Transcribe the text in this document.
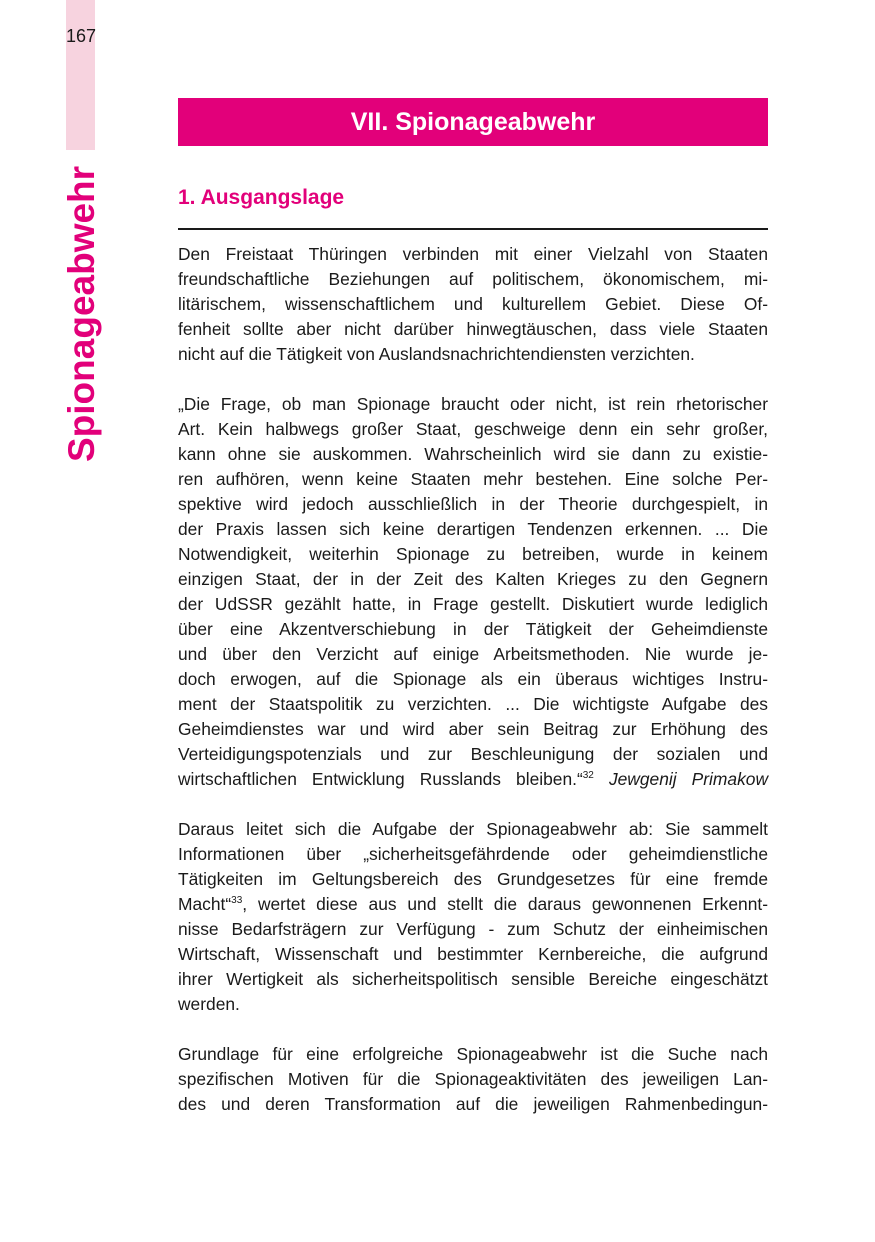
167
Spionageabwehr
VII. Spionageabwehr
1. Ausgangslage

Den Freistaat Thüringen verbinden mit einer Vielzahl von Staaten
freundschaftliche Beziehungen auf politischem, ökonomischem, mi-
litärischem, wissenschaftlichem und kulturellem Gebiet. Diese Of-
fenheit sollte aber nicht darüber hinwegtäuschen, dass viele Staaten
nicht auf die Tätigkeit von Auslandsnachrichtendiensten verzichten.

„Die Frage, ob man Spionage braucht oder nicht, ist rein rhetorischer
Art. Kein halbwegs großer Staat, geschweige denn ein sehr großer,
kann ohne sie auskommen. Wahrscheinlich wird sie dann zu existie-
ren aufhören, wenn keine Staaten mehr bestehen. Eine solche Per-
spektive wird jedoch ausschließlich in der Theorie durchgespielt, in
der Praxis lassen sich keine derartigen Tendenzen erkennen. ... Die
Notwendigkeit, weiterhin Spionage zu betreiben, wurde in keinem
einzigen Staat, der in der Zeit des Kalten Krieges zu den Gegnern
der UdSSR gezählt hatte, in Frage gestellt. Diskutiert wurde lediglich
über eine Akzentverschiebung in der Tätigkeit der Geheimdienste
und über den Verzicht auf einige Arbeitsmethoden. Nie wurde je-
doch erwogen, auf die Spionage als ein überaus wichtiges Instru-
ment der Staatspolitik zu verzichten. ... Die wichtigste Aufgabe des
Geheimdienstes war und wird aber sein Beitrag zur Erhöhung des
Verteidigungspotenzials und zur Beschleunigung der sozialen und
wirtschaftlichen Entwicklung Russlands bleiben.“$^{32}$ Jewgenij Primakow

Daraus leitet sich die Aufgabe der Spionageabwehr ab: Sie sammelt
Informationen über „sicherheitsgefährdende oder geheimdienstliche
Tätigkeiten im Geltungsbereich des Grundgesetzes für eine fremde
Macht“$^{33}$, wertet diese aus und stellt die daraus gewonnenen Erkennt-
nisse Bedarfsträgern zur Verfügung - zum Schutz der einheimischen
Wirtschaft, Wissenschaft und bestimmter Kernbereiche, die aufgrund
ihrer Wertigkeit als sicherheitspolitisch sensible Bereiche eingeschätzt
werden.

Grundlage für eine erfolgreiche Spionageabwehr ist die Suche nach
spezifischen Motiven für die Spionageaktivitäten des jeweiligen Lan-
des und deren Transformation auf die jeweiligen Rahmenbedingun-
